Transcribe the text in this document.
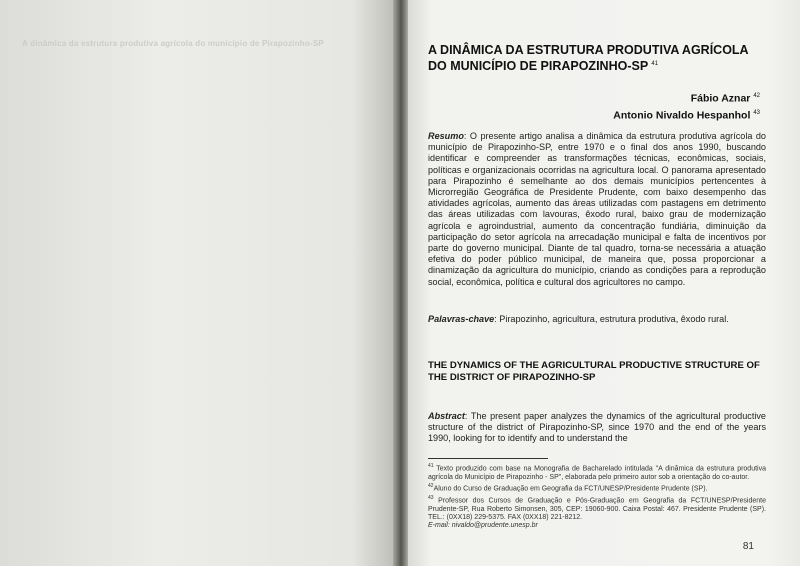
A dinâmica da estrutura produtiva agrícola do município de Pirapozinho-SP	A DINÂMICA DA ESTRUTURA PRODUTIVA AGRÍCOLA DO MUNICÍPIO DE PIRAPOZINHO-SP $^{41}$
Fábio Aznar $^{42}$
Antonio Nivaldo Hespanhol $^{43}$

Resumo: O presente artigo analisa a dinâmica da estrutura produtiva agrícola do município de Pirapozinho-SP, entre 1970 e o final dos anos 1990, buscando identificar e compreender as transformações técnicas, econômicas, sociais, políticas e organizacionais ocorridas na agricultura local. O panorama apresentado para Pirapozinho é semelhante ao dos demais municípios pertencentes à Microrregião Geográfica de Presidente Prudente, com baixo desempenho das atividades agrícolas, aumento das áreas utilizadas com pastagens em detrimento das áreas utilizadas com lavouras, êxodo rural, baixo grau de modernização agrícola e agroindustrial, aumento da concentração fundiária, diminuição da participação do setor agrícola na arrecadação municipal e falta de incentivos por parte do governo municipal. Diante de tal quadro, torna-se necessária a atuação efetiva do poder público municipal, de maneira que, possa proporcionar a dinamização da agricultura do município, criando as condições para a reprodução social, econômica, política e cultural dos agricultores no campo.

Palavras-chave: Pirapozinho, agricultura, estrutura produtiva, êxodo rural.

THE DYNAMICS OF THE AGRICULTURAL PRODUCTIVE STRUCTURE OF THE DISTRICT OF PIRAPOZINHO-SP

Abstract: The present paper analyzes the dynamics of the agricultural productive structure of the district of Pirapozinho-SP, since 1970 and the end of the years 1990, looking for to identify and to understand the

$^{41}$ Texto produzido com base na Monografia de Bacharelado intitulada "A dinâmica da estrutura produtiva agrícola do Município de Pirapozinho - SP", elaborada pelo primeiro autor sob a orientação do co-autor.

$^{42}$Aluno do Curso de Graduação em Geografia da FCT/UNESP/Presidente Prudente (SP).

$^{43}$ Professor dos Cursos de Graduação e Pós-Graduação em Geografia da FCT/UNESP/Presidente Prudente-SP, Rua Roberto Simonsen, 305, CEP: 19060-900. Caixa Postal: 467. Presidente Prudente (SP). TEL.: (0XX18) 229-5375. FAX (0XX18) 221-8212.

E-mail: nivaldo@prudente.unesp.br

81
